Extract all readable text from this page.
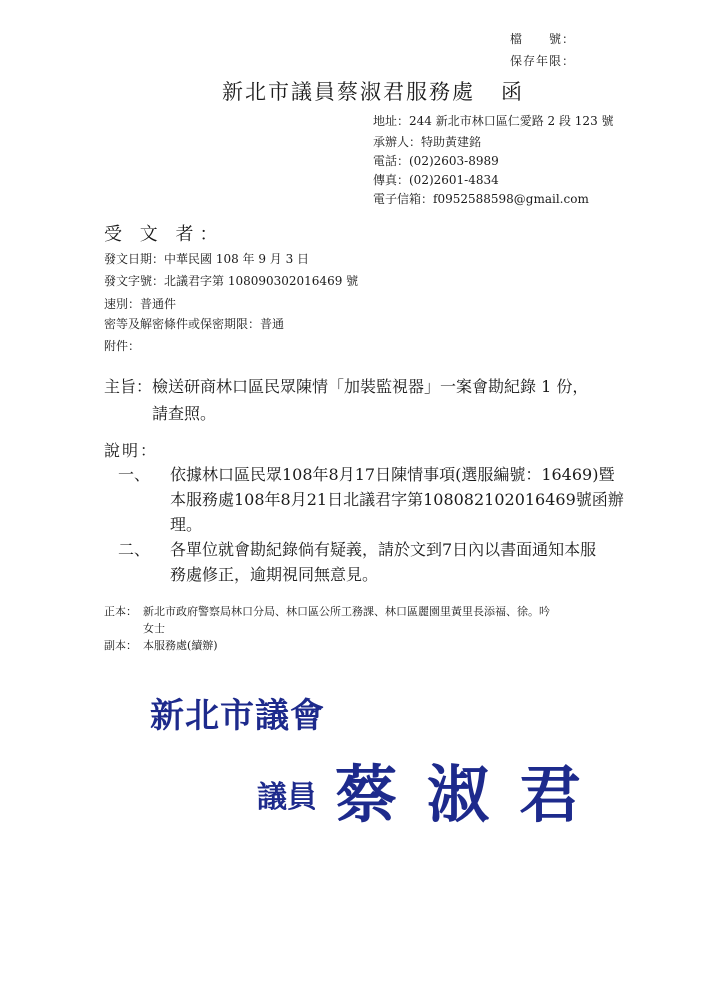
檔　　號：
保存年限：
新北市議員蔡淑君服務處 函
地址：244 新北市林口區仁愛路 2 段 123 號
承辦人：特助黃建銘
電話：(02)2603-8989
傳真：(02)2601-4834
電子信箱：f0952588598@gmail.com
受 文 者：
發文日期：中華民國 108 年 9 月 3 日
發文字號：北議君字第 108090302016469 號
速別：普通件
密等及解密條件或保密期限：普通
附件：
主旨：檢送研商林口區民眾陳情「加裝監視器」一案會勘紀錄 1 份，
請查照。
說明：
一、 依據林口區民眾108年8月17日陳情事項(選服編號：16469)暨
本服務處108年8月21日北議君字第108082102016469號函辦
理。
二、 各單位就會勘紀錄倘有疑義，請於文到7日內以書面通知本服
務處修正，逾期視同無意見。
正本： 新北市政府警察局林口分局、林口區公所工務課、林口區麗園里黃里長添福、徐。吟
女士
副本： 本服務處(續辦)
新北市議會
議員 蔡淑君
